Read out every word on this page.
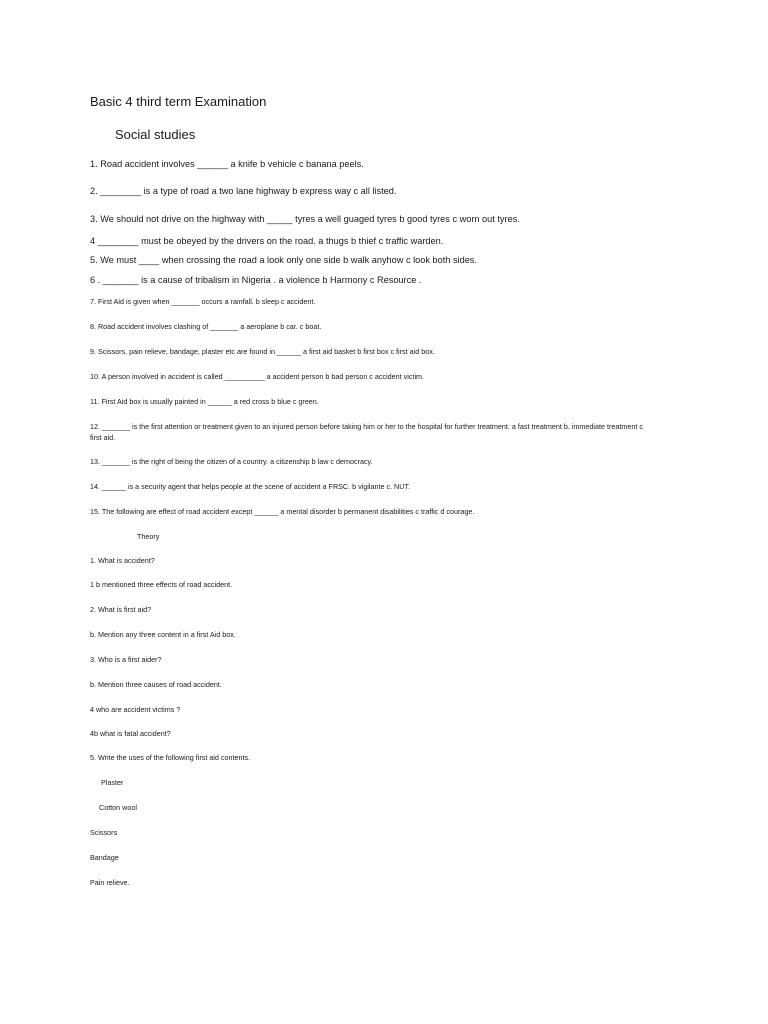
Basic 4 third term Examination
Social studies
1. Road accident involves ______ a knife b vehicle c banana peels.
2. ________ is a type of road a two lane highway b express way c all listed.
3. We should not drive on the highway with _____ tyres a well guaged tyres b good tyres c worn out tyres.
4 ________ must be obeyed by the drivers on the road. a thugs b thief c traffic warden.
5. We must ____ when crossing the road a look only one side b walk anyhow c look both sides.
6 . _______ is a cause of tribalism in Nigeria . a violence b Harmony c Resource .
7. First Aid is given when _______ occurs a rainfall. b sleep c accident.
8. Road accident involves clashing of _______ a aeroplane b car. c boat.
9. Scissors, pain relieve, bandage, plaster etc are found in ______ a first aid basket b first box c first aid box.
10. A person involved in accident is called __________ a accident person b bad person c accident victim.
11. First Aid box is usually painted in ______ a red cross b blue c green.
12. _______ is the first attention or treatment given to an injured person before taking him or her to the hospital for further treatment. a fast treatment b. immediate treatment c first aid.
13. _______ is the right of being the citizen of a country. a citizenship b law c democracy.
14. ______ is a security agent that helps people at the scene of accident a FRSC. b vigilante c. NUT.
15. The following are effect of road accident except ______ a mental disorder b permanent disabilities c traffic d courage.
Theory
1. What is accident?
1 b mentioned three effects of road accident.
2. What is first aid?
b. Mention any three content in a first Aid box.
3. Who is a first aider?
b. Mention three causes of road accident.
4 who are accident victims ?
4b what is fatal accident?
5. Write the uses of the following first aid contents.
Plaster
Cotton wool
Scissors
Bandage
Pain relieve.
